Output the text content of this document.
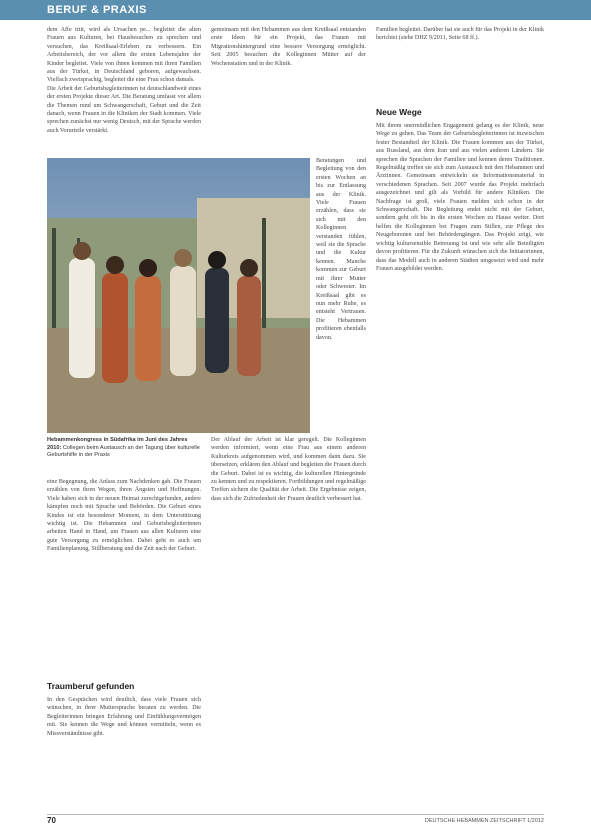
BERUF & PRAXIS

dem Affe tritt, wird als Ursachen pe... begleitet die alten Frauen aus Kulturen, bei Hausbesuchen zu sprechen und versuchen, das Kreißsaal-Erleben zu verbessern. Ein Arbeitsbereich, der vor allem die ersten Lebensjahre der Kinder begleitet. Viele von ihnen kommen mit ihren Familien aus der Türkei, in Deutschland geboren, aufgewachsen. Vielfach zweisprachig, begleitet die eine Frau schon damals.

Die Arbeit der Geburtsbegleiterinnen ist deutschlandweit eines der ersten Projekte dieser Art. Die Beratung umfasst vor allem die Themen rund um Schwangerschaft, Geburt und die Zeit danach, wenn Frauen in die Kliniken der Stadt kommen. Viele sprechen zunächst nur wenig Deutsch, mit der Sprache werden auch Vorurteile verstärkt.

gemeinsam mit den Hebammen aus dem Kreißsaal entstanden erste Ideen für ein Projekt, das Frauen mit Migrationshintergrund eine bessere Versorgung ermöglicht. Seit 2005 besuchen die Kolleginnen Mütter auf der Wochenstation und in der Klinik.

Beratungen und Begleitung von den ersten Wochen an bis zur Entlassung aus der Klinik. Viele Frauen erzählen, dass sie sich mit den Kolleginnen verstanden fühlen, weil sie die Sprache und die Kultur kennen. Manche kommen zur Geburt mit ihrer Mutter oder Schwester. Im Kreißsaal gibt es nun mehr Ruhe, es entsteht Vertrauen. Die Hebammen profitieren ebenfalls davon.

Hebammenkongress in Südafrika im Juni des Jahres 2010: Collegen beim Austausch an der Tagung über kulturelle Geburtshilfe in der Praxis

eine Begegnung, die Anlass zum Nachdenken gab. Die Frauen erzählen von ihren Wegen, ihren Ängsten und Hoffnungen. Viele haben sich in der neuen Heimat zurechtgefunden, andere kämpfen noch mit Sprache und Behörden. Die Geburt eines Kindes ist ein besonderer Moment, in dem Unterstützung wichtig ist. Die Hebammen und Geburtsbegleiterinnen arbeiten Hand in Hand, um Frauen aus allen Kulturen eine gute Versorgung zu ermöglichen. Dabei geht es auch um Familienplanung, Stillberatung und die Zeit nach der Geburt.

Traumberuf gefunden

In den Gesprächen wird deutlich, dass viele Frauen sich wünschen, in ihrer Muttersprache beraten zu werden. Die Begleiterinnen bringen Erfahrung und Einfühlungsvermögen mit. Sie kennen die Wege und können vermitteln, wenn es Missverständnisse gibt.

Der Ablauf der Arbeit ist klar geregelt. Die Kolleginnen werden informiert, wenn eine Frau aus einem anderen Kulturkreis aufgenommen wird, und kommen dann dazu. Sie übersetzen, erklären den Ablauf und begleiten die Frauen durch die Geburt. Dabei ist es wichtig, die kulturellen Hintergründe zu kennen und zu respektieren. Fortbildungen und regelmäßige Treffen sichern die Qualität der Arbeit. Die Ergebnisse zeigen, dass sich die Zufriedenheit der Frauen deutlich verbessert hat.

Familien begleitet. Darüber hat sie auch für das Projekt in der Klinik berichtet (siehe DHZ 9/2011, Seite 68 ff.).

Neue Wege

Mit ihrem unermüdlichen Engagement gelang es der Klinik, neue Wege zu gehen. Das Team der Geburtsbegleiterinnen ist inzwischen fester Bestandteil der Klinik. Die Frauen kommen aus der Türkei, aus Russland, aus dem Iran und aus vielen anderen Ländern. Sie sprechen die Sprachen der Familien und kennen deren Traditionen. Regelmäßig treffen sie sich zum Austausch mit den Hebammen und Ärztinnen. Gemeinsam entwickeln sie Informationsmaterial in verschiedenen Sprachen. Seit 2007 wurde das Projekt mehrfach ausgezeichnet und gilt als Vorbild für andere Kliniken. Die Nachfrage ist groß, viele Frauen melden sich schon in der Schwangerschaft. Die Begleitung endet nicht mit der Geburt, sondern geht oft bis in die ersten Wochen zu Hause weiter. Dort helfen die Kolleginnen bei Fragen zum Stillen, zur Pflege des Neugeborenen und bei Behördengängen. Das Projekt zeigt, wie wichtig kultursensible Betreuung ist und wie sehr alle Beteiligten davon profitieren. Für die Zukunft wünschen sich die Initiatorinnen, dass das Modell auch in anderen Städten umgesetzt wird und mehr Frauen ausgebildet werden.

70	DEUTSCHE HEBAMMEN ZEITSCHRIFT 1/2012
